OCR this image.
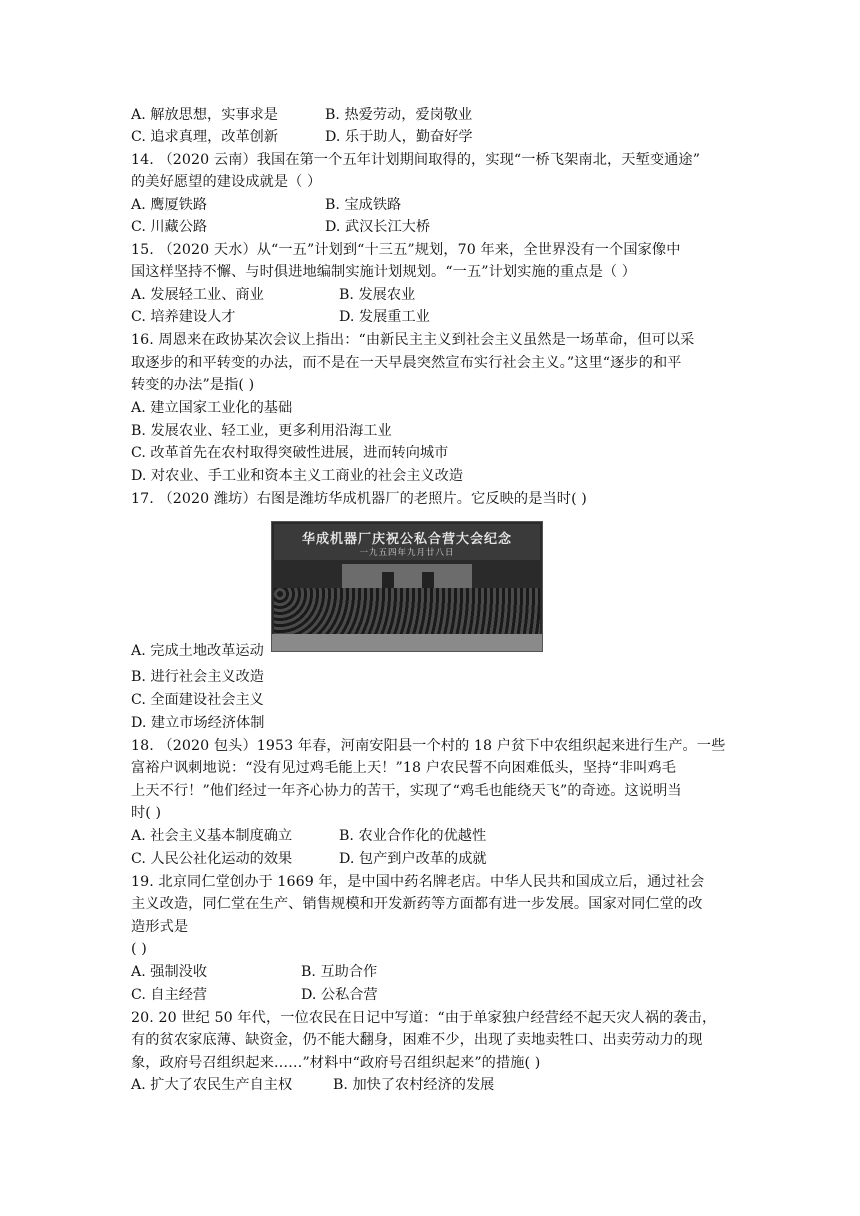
A. 解放思想，实事求是	B. 热爱劳动，爱岗敬业
C. 追求真理，改革创新	D. 乐于助人，勤奋好学
14. （2020 云南）我国在第一个五年计划期间取得的，实现“一桥飞架南北，天堑变通途”
的美好愿望的建设成就是（ ）
A. 鹰厦铁路	B. 宝成铁路
C. 川藏公路	D. 武汉长江大桥
15. （2020 天水）从“一五”计划到“十三五”规划，70 年来，全世界没有一个国家像中
国这样坚持不懈、与时俱进地编制实施计划规划。“一五”计划实施的重点是（ ）
A. 发展轻工业、商业	B. 发展农业
C. 培养建设人才	D. 发展重工业
16. 周恩来在政协某次会议上指出：“由新民主主义到社会主义虽然是一场革命，但可以采
取逐步的和平转变的办法，而不是在一天早晨突然宣布实行社会主义。”这里“逐步的和平
转变的办法”是指( )
A. 建立国家工业化的基础
B. 发展农业、轻工业，更多利用沿海工业
C. 改革首先在农村取得突破性进展，进而转向城市
D. 对农业、手工业和资本主义工商业的社会主义改造
17. （2020 潍坊）右图是潍坊华成机器厂的老照片。它反映的是当时( )
华成机器厂庆祝公私合营大会纪念
一九五四年九月廿八日
A. 完成土地改革运动
B. 进行社会主义改造
C. 全面建设社会主义
D. 建立市场经济体制
18. （2020 包头）1953 年春，河南安阳县一个村的 18 户贫下中农组织起来进行生产。一些
富裕户讽刺地说：“没有见过鸡毛能上天！”18 户农民誓不向困难低头，坚持“非叫鸡毛
上天不行！”他们经过一年齐心协力的苦干，实现了“鸡毛也能绕天飞”的奇迹。这说明当
时( )
A. 社会主义基本制度确立	B. 农业合作化的优越性
C. 人民公社化运动的效果	D. 包产到户改革的成就
19. 北京同仁堂创办于 1669 年，是中国中药名牌老店。中华人民共和国成立后，通过社会
主义改造，同仁堂在生产、销售规模和开发新药等方面都有进一步发展。国家对同仁堂的改
造形式是
( )
A. 强制没收	B. 互助合作
C. 自主经营	D. 公私合营
20. 20 世纪 50 年代，一位农民在日记中写道：“由于单家独户经营经不起天灾人祸的袭击，
有的贫农家底薄、缺资金，仍不能大翻身，困难不少，出现了卖地卖牲口、出卖劳动力的现
象，政府号召组织起来……”材料中“政府号召组织起来”的措施( )
A. 扩大了农民生产自主权	B. 加快了农村经济的发展
